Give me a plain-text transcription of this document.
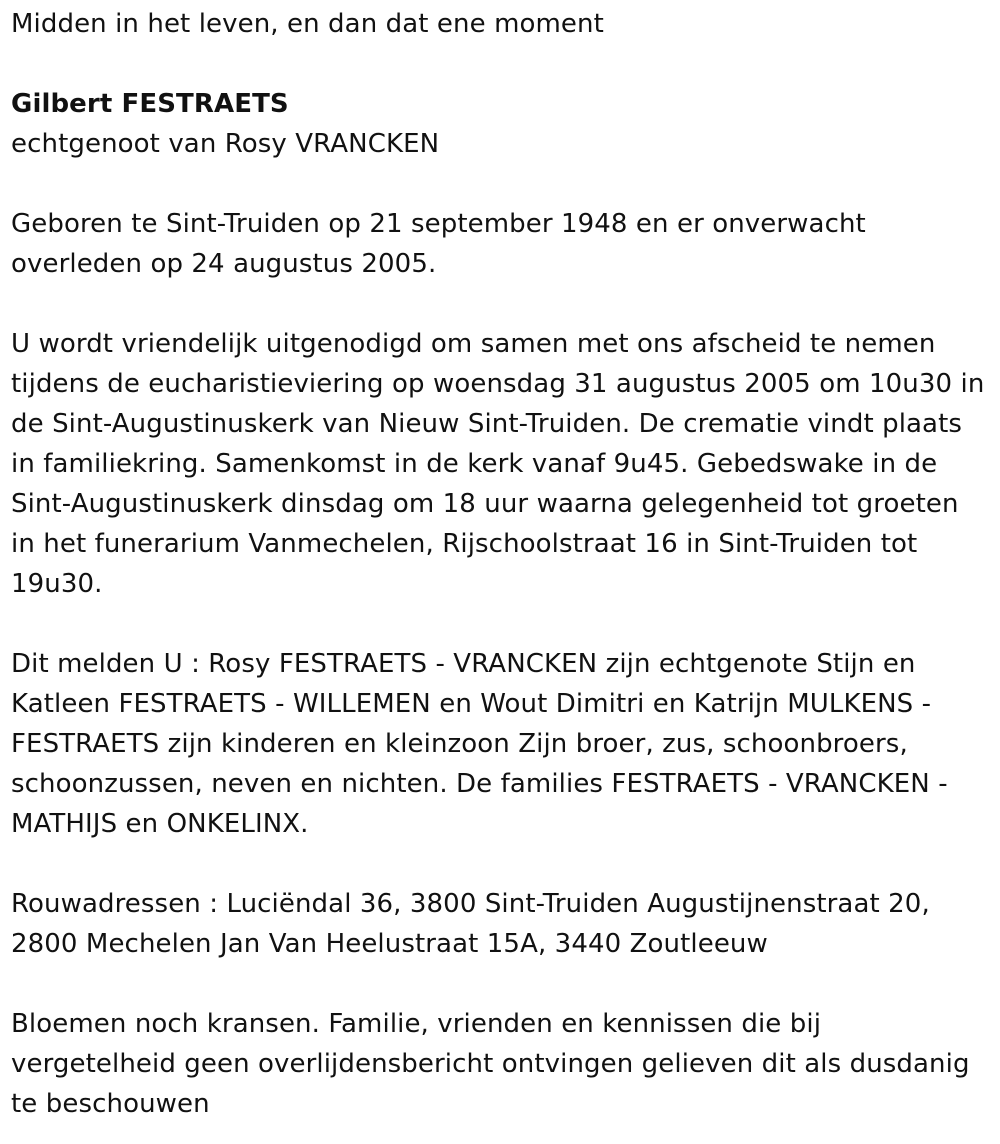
Midden in het leven, en dan dat ene moment

Gilbert FESTRAETS

echtgenoot van Rosy VRANCKEN

Geboren te Sint-Truiden op 21 september 1948 en er onverwacht overleden op 24 augustus 2005.

U wordt vriendelijk uitgenodigd om samen met ons afscheid te nemen tijdens de eucharistieviering op woensdag 31 augustus 2005 om 10u30 in de Sint-Augustinuskerk van Nieuw Sint-Truiden. De crematie vindt plaats in familiekring. Samenkomst in de kerk vanaf 9u45. Gebedswake in de Sint-Augustinuskerk dinsdag om 18 uur waarna gelegenheid tot groeten in het funerarium Vanmechelen, Rijschoolstraat 16 in Sint-Truiden tot 19u30.

Dit melden U : Rosy FESTRAETS - VRANCKEN zijn echtgenote Stijn en Katleen FESTRAETS - WILLEMEN en Wout Dimitri en Katrijn MULKENS - FESTRAETS zijn kinderen en kleinzoon Zijn broer, zus, schoonbroers, schoonzussen, neven en nichten. De families FESTRAETS - VRANCKEN - MATHIJS en ONKELINX.

Rouwadressen : Luciëndal 36, 3800 Sint-Truiden Augustijnenstraat 20, 2800 Mechelen Jan Van Heelustraat 15A, 3440 Zoutleeuw

Bloemen noch kransen. Familie, vrienden en kennissen die bij vergetelheid geen overlijdensbericht ontvingen gelieven dit als dusdanig te beschouwen
